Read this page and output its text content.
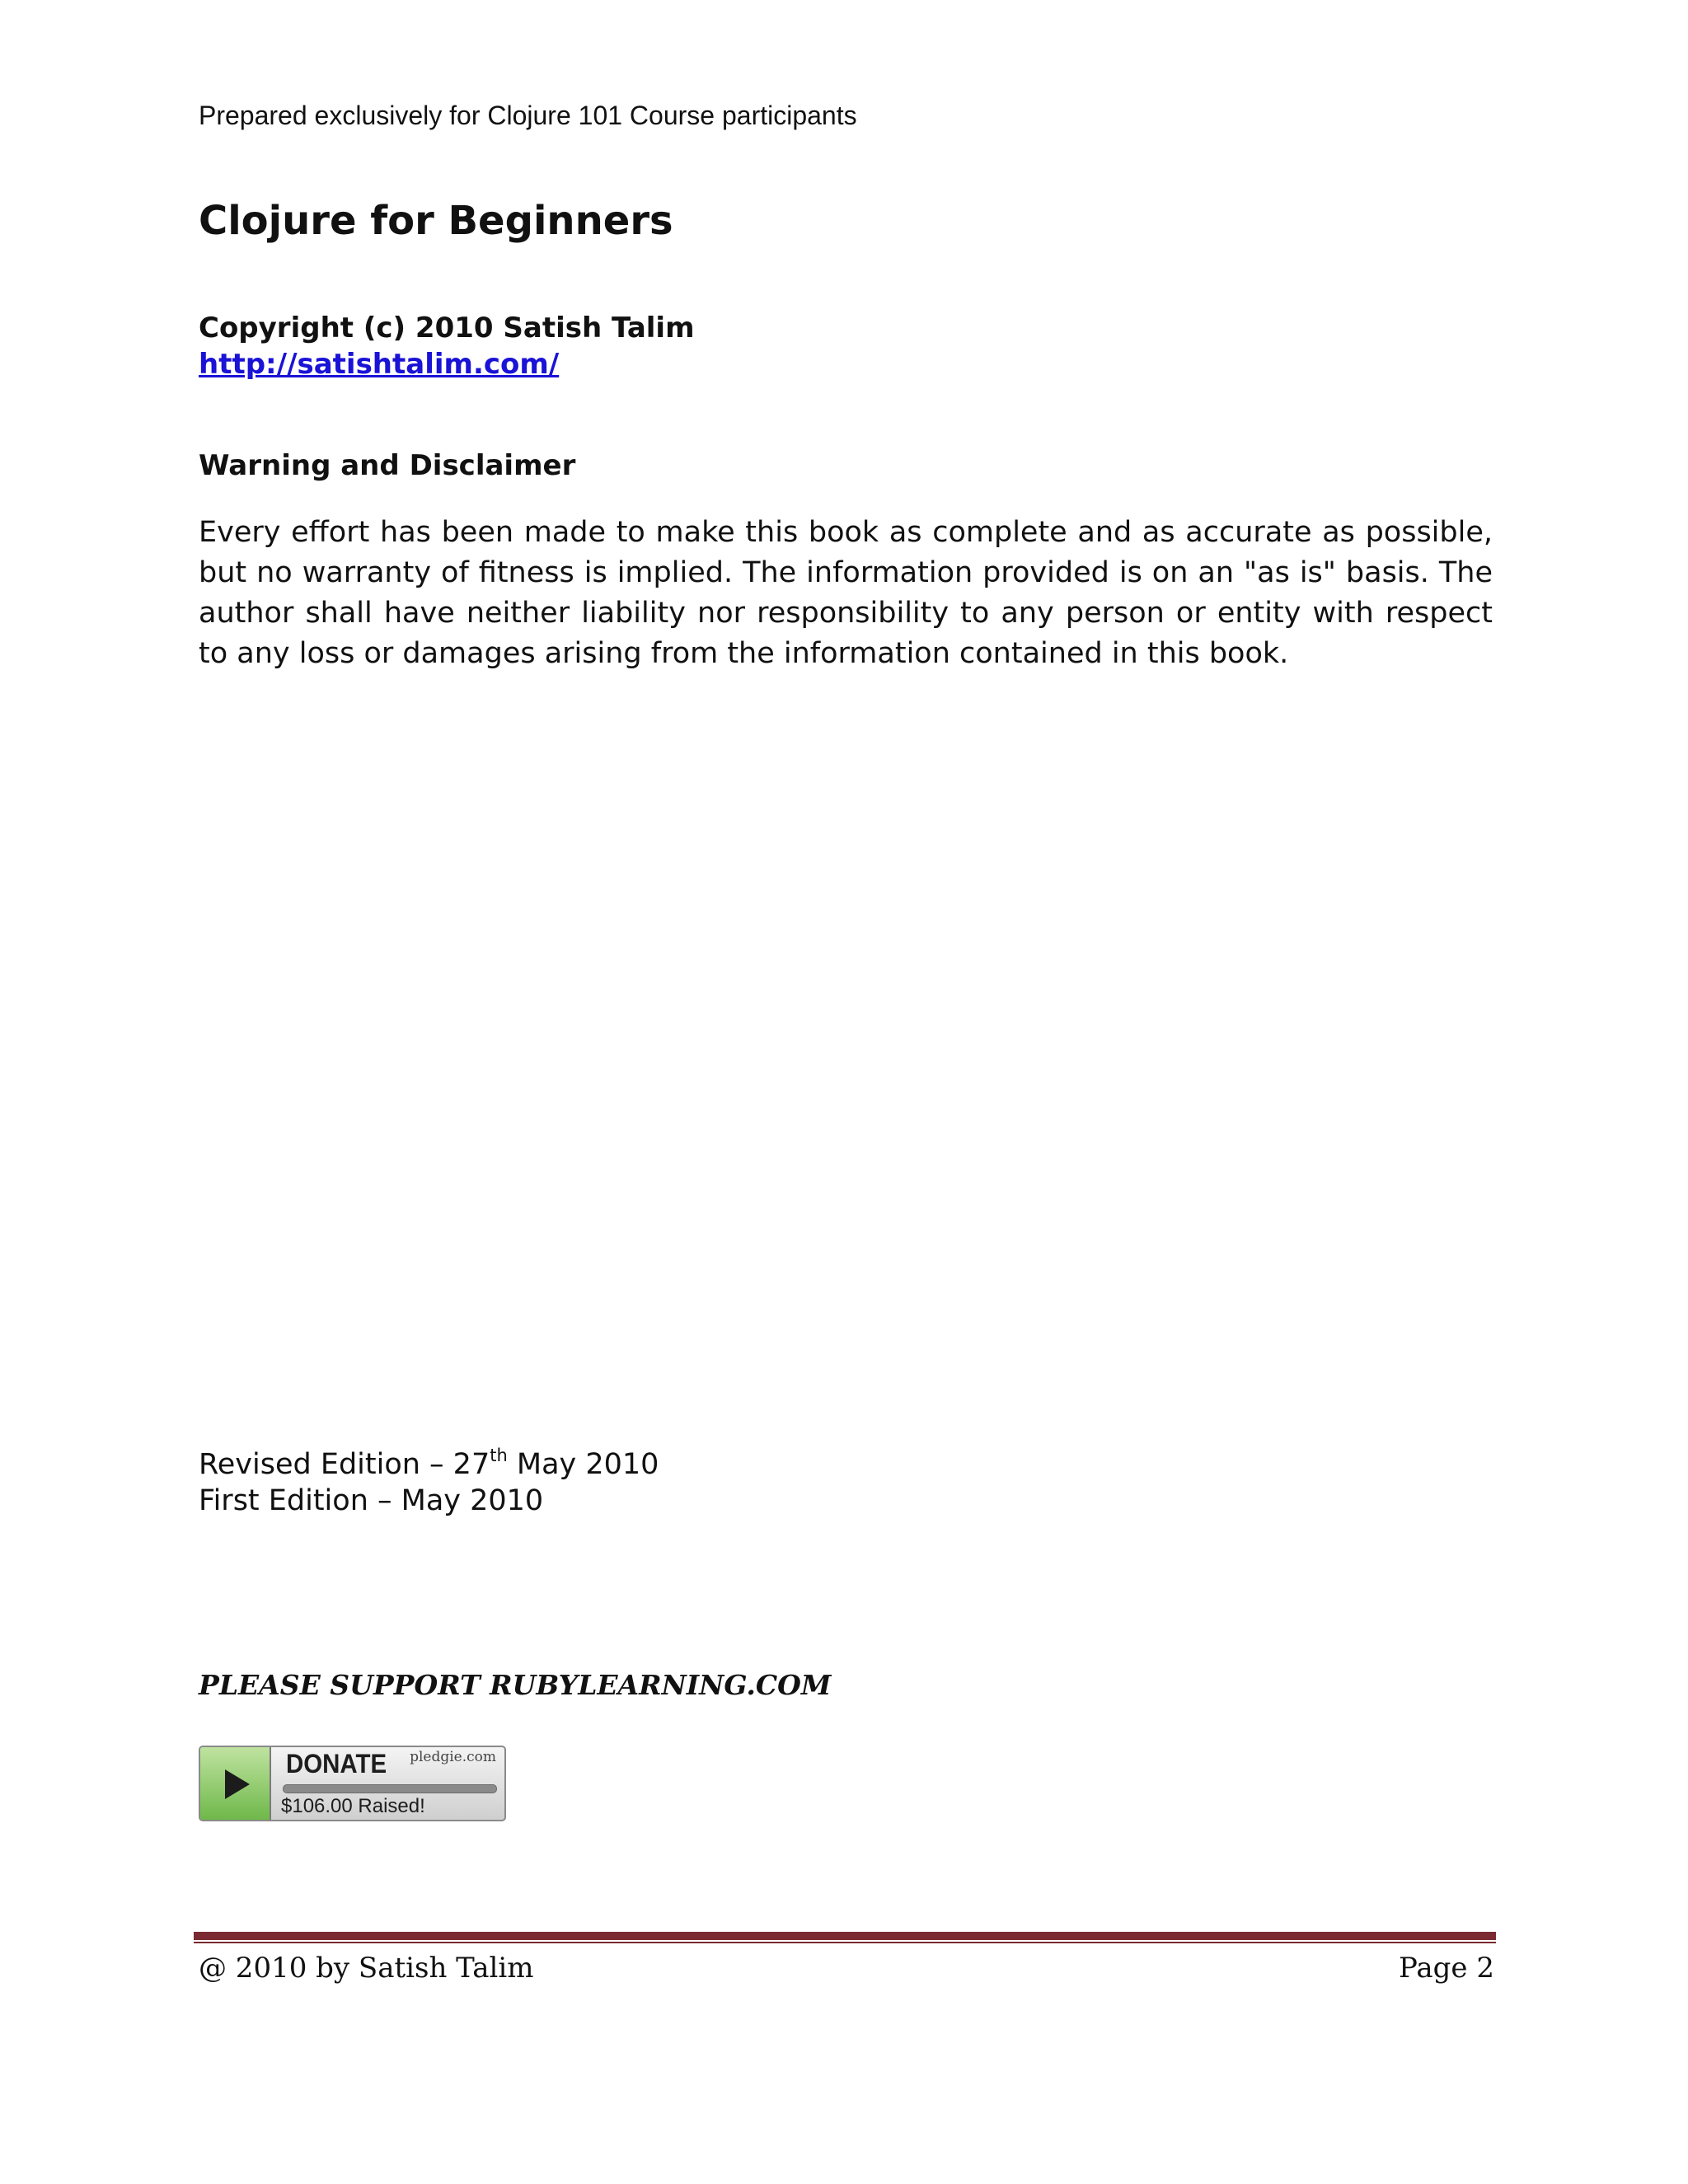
Prepared exclusively for Clojure 101 Course participants
Clojure for Beginners
Copyright (c) 2010 Satish Talim
http://satishtalim.com/
Warning and Disclaimer

Every effort has been made to make this book as complete and as accurate as possible, but no warranty of fitness is implied. The information provided is on an "as is" basis. The author shall have neither liability nor responsibility to any person or entity with respect to any loss or damages arising from the information contained in this book.

Revised Edition – 27th May 2010
First Edition – May 2010
PLEASE SUPPORT RUBYLEARNING.COM
DONATE pledgie.com
$106.00 Raised!
@ 2010 by Satish Talim	Page 2
